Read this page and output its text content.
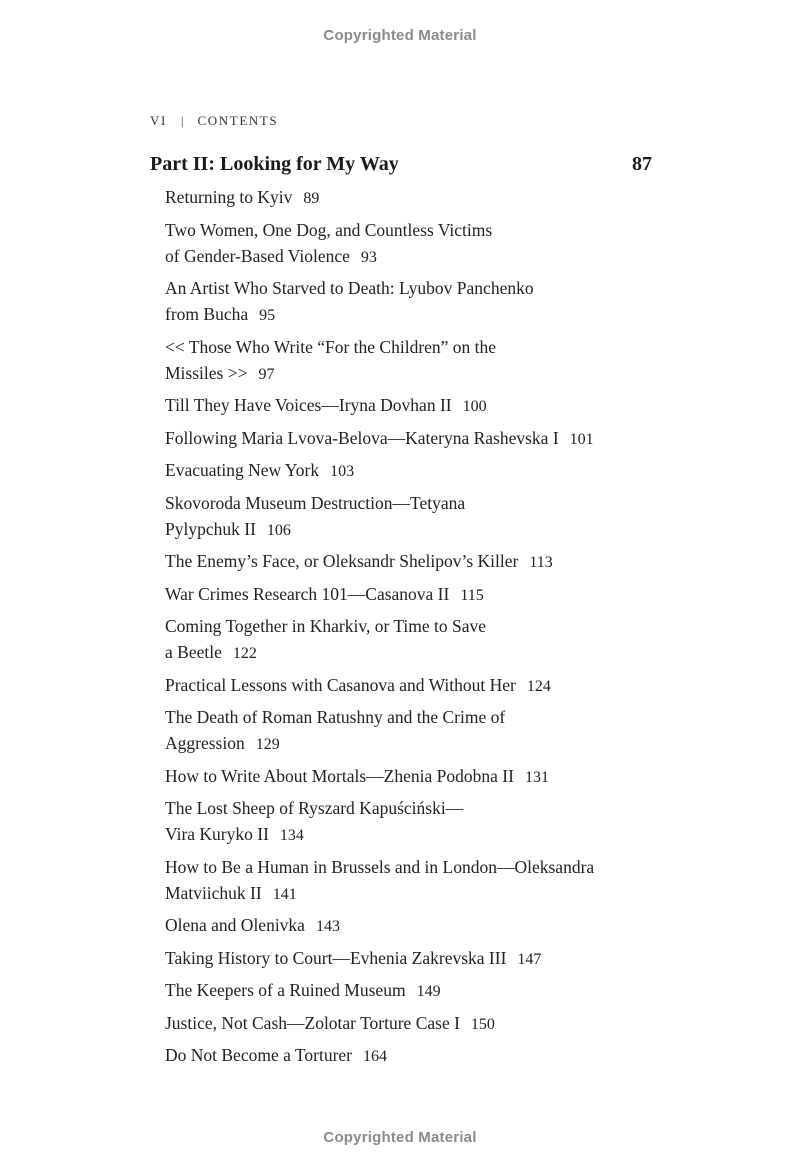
Copyrighted Material
VI | CONTENTS
Part II: Looking for My Way	87
Returning to Kyiv 89
Two Women, One Dog, and Countless Victims
of Gender-Based Violence 93
An Artist Who Starved to Death: Lyubov Panchenko
from Bucha 95
<< Those Who Write “For the Children” on the
Missiles >> 97
Till They Have Voices—Iryna Dovhan II 100
Following Maria Lvova-Belova—Kateryna Rashevska I 101
Evacuating New York 103
Skovoroda Museum Destruction—Tetyana
Pylypchuk II 106
The Enemy’s Face, or Oleksandr Shelipov’s Killer 113
War Crimes Research 101—Casanova II 115
Coming Together in Kharkiv, or Time to Save
a Beetle 122
Practical Lessons with Casanova and Without Her 124
The Death of Roman Ratushny and the Crime of
Aggression 129
How to Write About Mortals—Zhenia Podobna II 131
The Lost Sheep of Ryszard Kapuściński—
Vira Kuryko II 134
How to Be a Human in Brussels and in London—Oleksandra
Matviichuk II 141
Olena and Olenivka 143
Taking History to Court—Evhenia Zakrevska III 147
The Keepers of a Ruined Museum 149
Justice, Not Cash—Zolotar Torture Case I 150
Do Not Become a Torturer 164
Copyrighted Material
